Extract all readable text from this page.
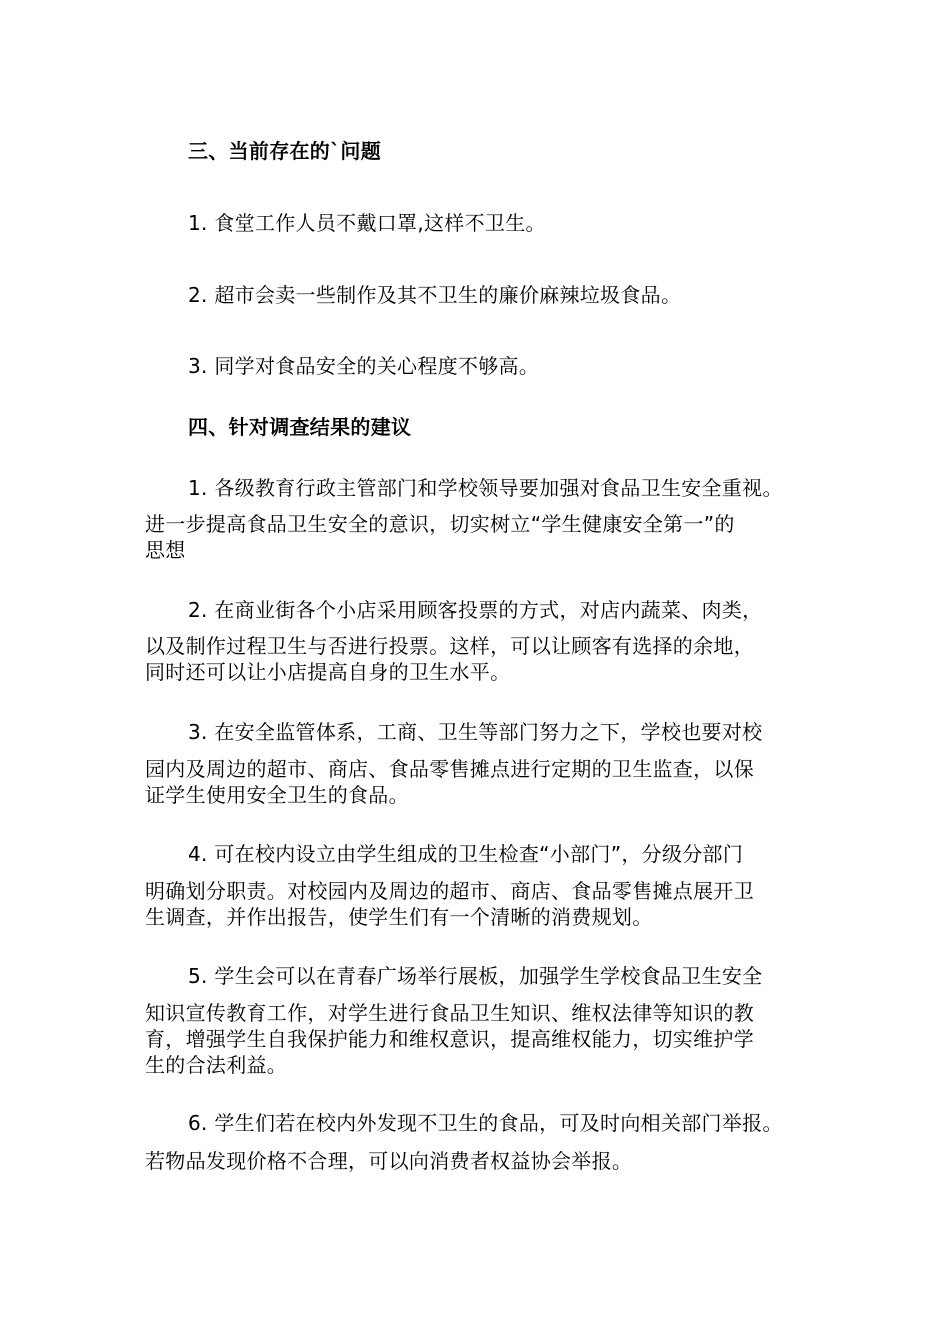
三、当前存在的`问题
1. 食堂工作人员不戴口罩,这样不卫生。
2. 超市会卖一些制作及其不卫生的廉价麻辣垃圾食品。
3. 同学对食品安全的关心程度不够高。
四、针对调查结果的建议
1. 各级教育行政主管部门和学校领导要加强对食品卫生安全重视。
进一步提高食品卫生安全的意识，切实树立“学生健康安全第一”的
思想
2. 在商业街各个小店采用顾客投票的方式，对店内蔬菜、肉类，
以及制作过程卫生与否进行投票。这样，可以让顾客有选择的余地，
同时还可以让小店提高自身的卫生水平。
3. 在安全监管体系，工商、卫生等部门努力之下，学校也要对校
园内及周边的超市、商店、食品零售摊点进行定期的卫生监查，以保
证学生使用安全卫生的食品。
4. 可在校内设立由学生组成的卫生检查“小部门”，分级分部门
明确划分职责。对校园内及周边的超市、商店、食品零售摊点展开卫
生调查，并作出报告，使学生们有一个清晰的消费规划。
5. 学生会可以在青春广场举行展板，加强学生学校食品卫生安全
知识宣传教育工作，对学生进行食品卫生知识、维权法律等知识的教
育，增强学生自我保护能力和维权意识，提高维权能力，切实维护学
生的合法利益。
6. 学生们若在校内外发现不卫生的食品，可及时向相关部门举报。
若物品发现价格不合理，可以向消费者权益协会举报。
